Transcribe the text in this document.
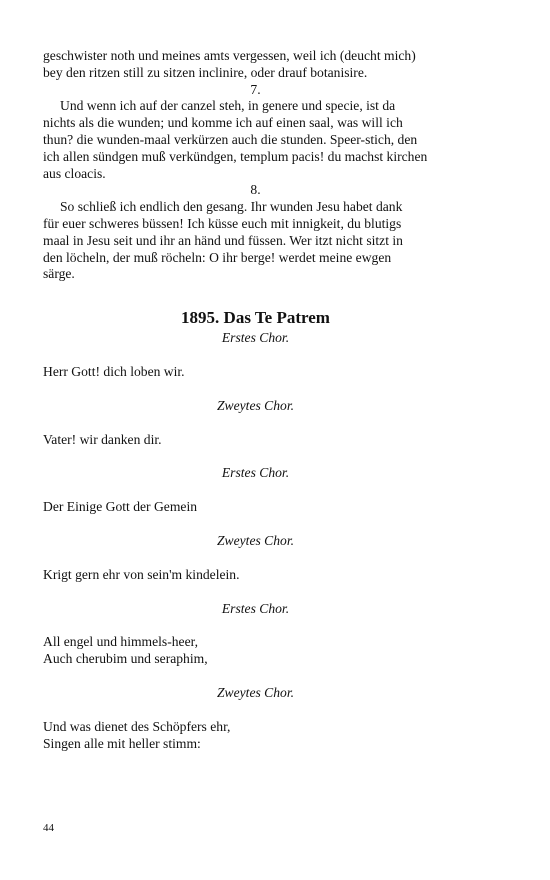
geschwister noth und meines amts vergessen, weil ich (deucht mich)

bey den ritzen still zu sitzen inclinire, oder drauf botanisire.

7.

Und wenn ich auf der canzel steh, in genere und specie, ist da

nichts als die wunden; und komme ich auf einen saal, was will ich

thun? die wunden-maal verkürzen auch die stunden. Speer-stich, den

ich allen sündgen muß verkündgen, templum pacis! du machst kirchen

aus cloacis.

8.

So schließ ich endlich den gesang. Ihr wunden Jesu habet dank

für euer schweres büssen! Ich küsse euch mit innigkeit, du blutigs

maal in Jesu seit und ihr an händ und füssen. Wer itzt nicht sitzt in

den löcheln, der muß röcheln: O ihr berge! werdet meine ewgen

särge.

1895. Das Te Patrem

Erstes Chor.

Herr Gott! dich loben wir.

Zweytes Chor.

Vater! wir danken dir.

Erstes Chor.

Der Einige Gott der Gemein

Zweytes Chor.

Krigt gern ehr von sein'm kindelein.

Erstes Chor.

All engel und himmels-heer,

Auch cherubim und seraphim,

Zweytes Chor.

Und was dienet des Schöpfers ehr,

Singen alle mit heller stimm:

44
